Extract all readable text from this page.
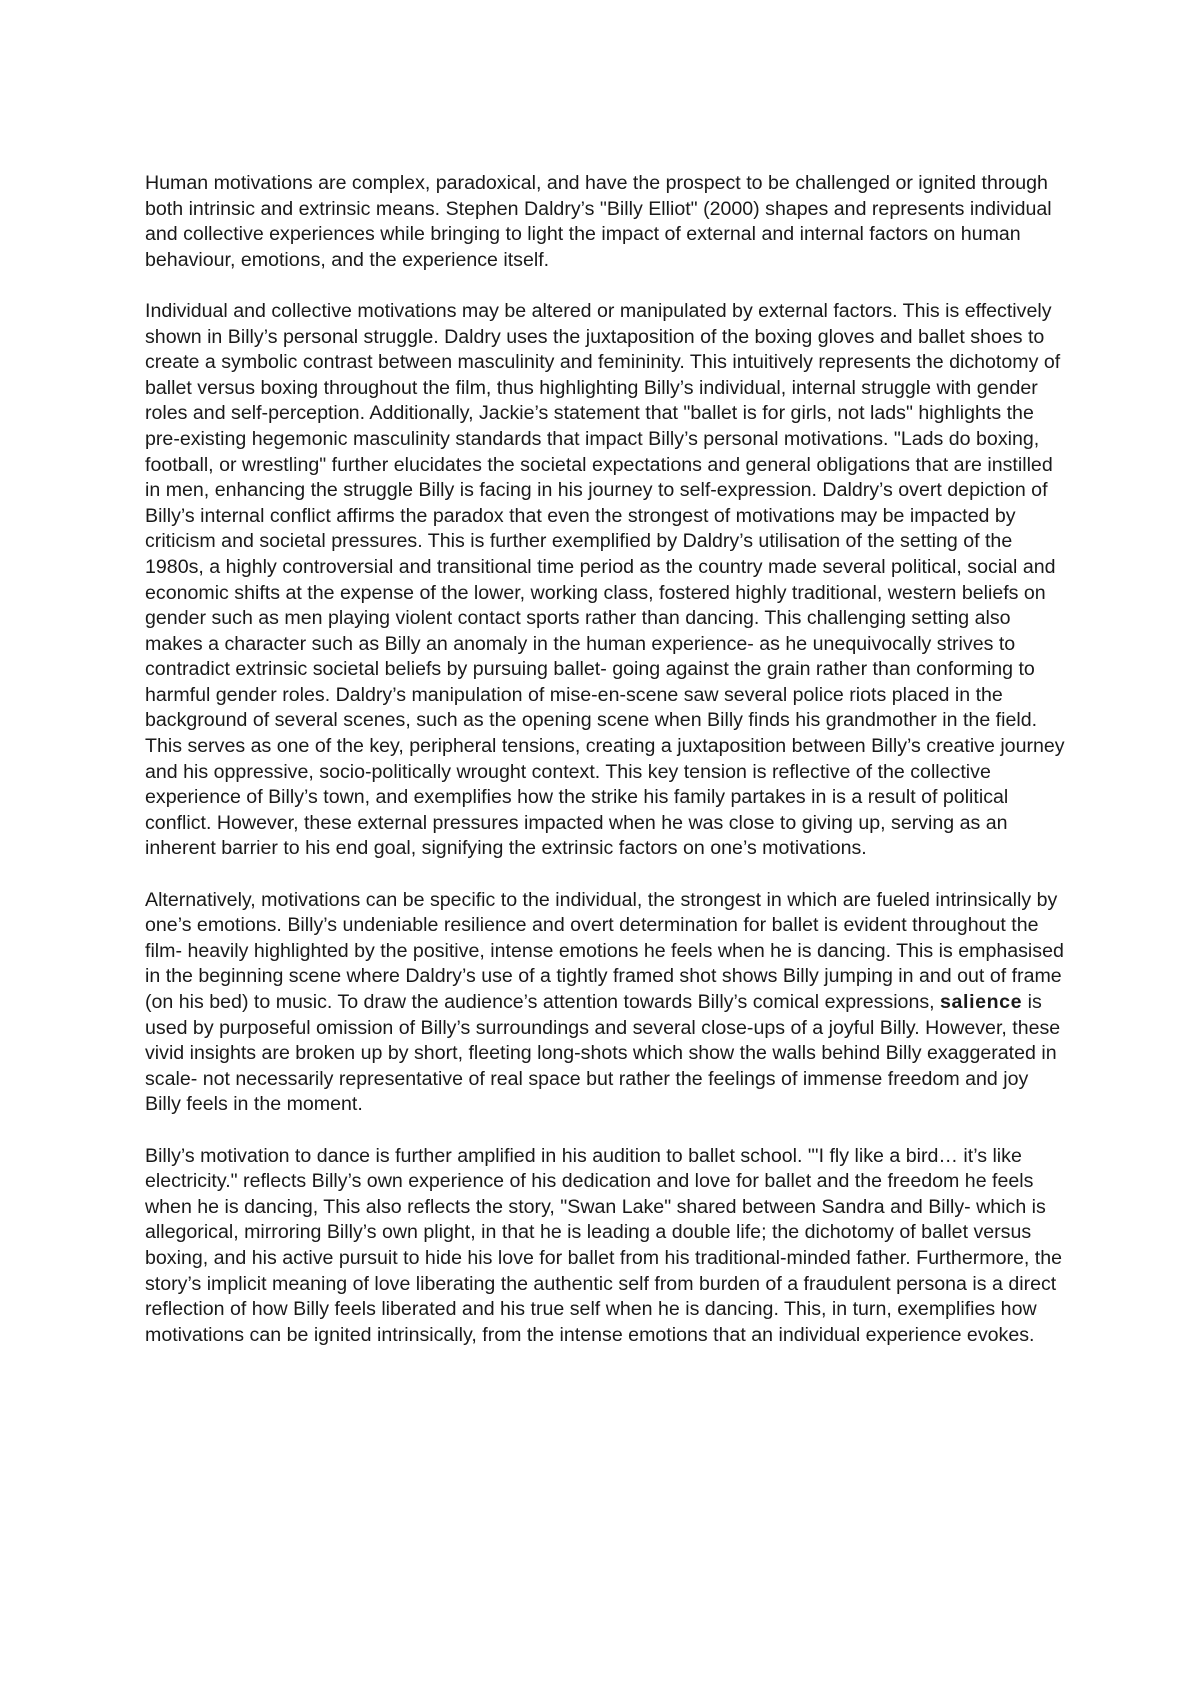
Human motivations are complex, paradoxical, and have the prospect to be challenged or ignited through both intrinsic and extrinsic means. Stephen Daldry’s "Billy Elliot" (2000) shapes and represents individual and collective experiences while bringing to light the impact of external and internal factors on human behaviour, emotions, and the experience itself.

Individual and collective motivations may be altered or manipulated by external factors. This is effectively shown in Billy’s personal struggle. Daldry uses the juxtaposition of the boxing gloves and ballet shoes to create a symbolic contrast between masculinity and femininity. This intuitively represents the dichotomy of ballet versus boxing throughout the film, thus highlighting Billy’s individual, internal struggle with gender roles and self-perception. Additionally, Jackie’s statement that "ballet is for girls, not lads" highlights the pre-existing hegemonic masculinity standards that impact Billy’s personal motivations. "Lads do boxing, football, or wrestling" further elucidates the societal expectations and general obligations that are instilled in men, enhancing the struggle Billy is facing in his journey to self-expression. Daldry’s overt depiction of Billy’s internal conflict affirms the paradox that even the strongest of motivations may be impacted by criticism and societal pressures. This is further exemplified by Daldry’s utilisation of the setting of the 1980s, a highly controversial and transitional time period as the country made several political, social and economic shifts at the expense of the lower, working class, fostered highly traditional, western beliefs on gender such as men playing violent contact sports rather than dancing. This challenging setting also makes a character such as Billy an anomaly in the human experience- as he unequivocally strives to contradict extrinsic societal beliefs by pursuing ballet- going against the grain rather than conforming to harmful gender roles. Daldry’s manipulation of mise-en-scene saw several police riots placed in the background of several scenes, such as the opening scene when Billy finds his grandmother in the field. This serves as one of the key, peripheral tensions, creating a juxtaposition between Billy’s creative journey and his oppressive, socio-politically wrought context. This key tension is reflective of the collective experience of Billy’s town, and exemplifies how the strike his family partakes in is a result of political conflict. However, these external pressures impacted when he was close to giving up, serving as an inherent barrier to his end goal, signifying the extrinsic factors on one’s motivations.

Alternatively, motivations can be specific to the individual, the strongest in which are fueled intrinsically by one’s emotions. Billy’s undeniable resilience and overt determination for ballet is evident throughout the film- heavily highlighted by the positive, intense emotions he feels when he is dancing. This is emphasised in the beginning scene where Daldry’s use of a tightly framed shot shows Billy jumping in and out of frame (on his bed) to music. To draw the audience’s attention towards Billy’s comical expressions, salience is used by purposeful omission of Billy’s surroundings and several close-ups of a joyful Billy. However, these vivid insights are broken up by short, fleeting long-shots which show the walls behind Billy exaggerated in scale- not necessarily representative of real space but rather the feelings of immense freedom and joy Billy feels in the moment.

Billy’s motivation to dance is further amplified in his audition to ballet school. "'I fly like a bird… it’s like electricity." reflects Billy’s own experience of his dedication and love for ballet and the freedom he feels when he is dancing, This also reflects the story, "Swan Lake" shared between Sandra and Billy- which is allegorical, mirroring Billy’s own plight, in that he is leading a double life; the dichotomy of ballet versus boxing, and his active pursuit to hide his love for ballet from his traditional-minded father. Furthermore, the story’s implicit meaning of love liberating the authentic self from burden of a fraudulent persona is a direct reflection of how Billy feels liberated and his true self when he is dancing. This, in turn, exemplifies how motivations can be ignited intrinsically, from the intense emotions that an individual experience evokes.
